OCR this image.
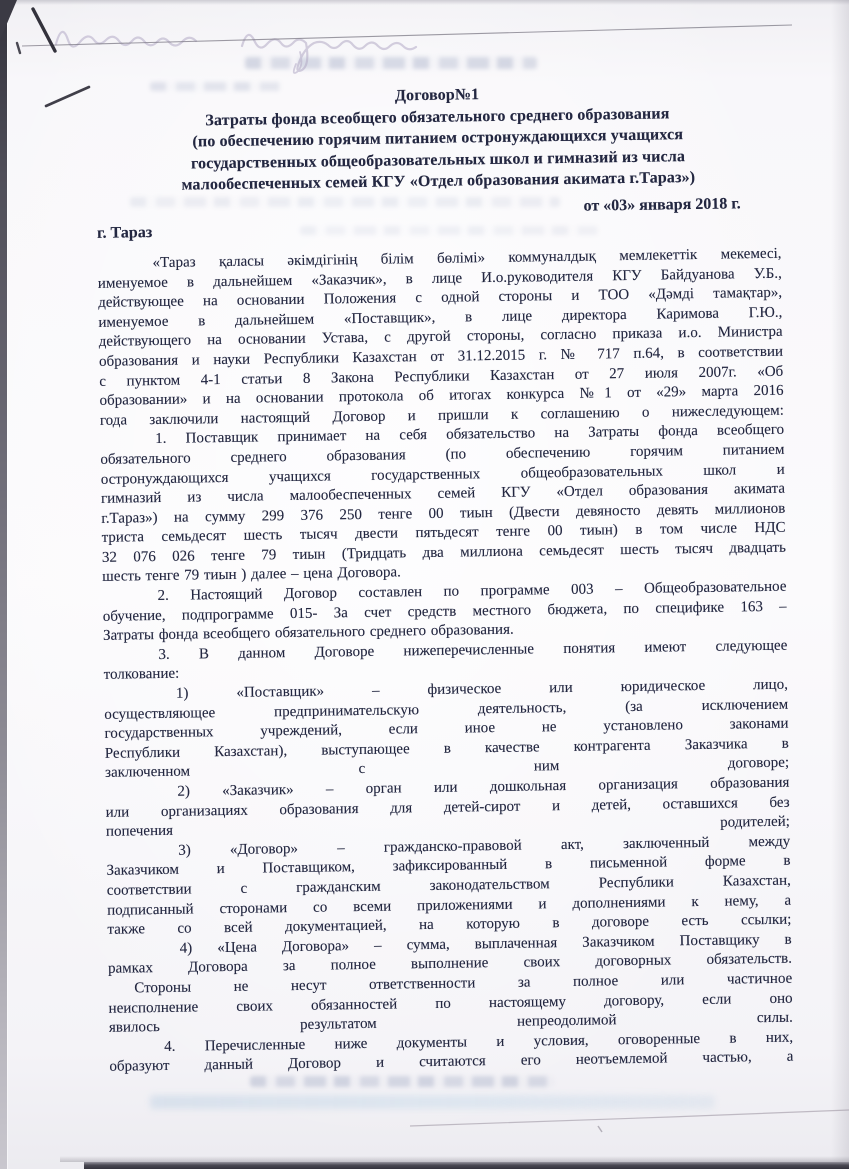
Договор№1
Затраты фонда всеобщего обязательного среднего образования
(по обеспечению горячим питанием остронуждающихся учащихся
государственных общеобразовательных школ и гимназий из числа
малообеспеченных семей КГУ «Отдел образования акимата г.Тараз»)
от «03» января 2018 г.
г. Тараз
«Тараз қаласы әкімдігінің білім бөлімі» коммуналдық мемлекеттік мекемесі,
именуемое в дальнейшем «Заказчик», в лице И.о.руководителя КГУ Байдуанова У.Б.,
действующее на основании Положения с одной стороны и ТОО «Дәмді тамақтар»,
именуемое в дальнейшем «Поставщик», в лице директора Каримова Г.Ю.,
действующего на основании Устава, с другой стороны, согласно приказа и.о. Министра
образования и науки Республики Казахстан от 31.12.2015 г. № 717 п.64, в соответствии
с пунктом 4-1 статьи 8 Закона Республики Казахстан от 27 июля 2007г. «Об
образовании» и на основании протокола об итогах конкурса №1 от «29» марта 2016
года заключили настоящий Договор и пришли к соглашению о нижеследующем:
1. Поставщик принимает на себя обязательство на Затраты фонда всеобщего
обязательного среднего образования (по обеспечению горячим питанием
остронуждающихся учащихся государственных общеобразовательных школ и
гимназий из числа малообеспеченных семей КГУ «Отдел образования акимата
г.Тараз») на сумму 299 376 250 тенге 00 тиын (Двести девяносто девять миллионов
триста семьдесят шесть тысяч двести пятьдесят тенге 00 тиын) в том числе НДС
32 076 026 тенге 79 тиын (Тридцать два миллиона семьдесят шесть тысяч двадцать
шесть тенге 79 тиын ) далее – цена Договора.
2. Настоящий Договор составлен по программе 003 – Общеобразовательное
обучение, подпрограмме 015- За счет средств местного бюджета, по специфике 163 –
Затраты фонда всеобщего обязательного среднего образования.
3. В данном Договоре нижеперечисленные понятия имеют следующее
толкование:
1) «Поставщик» – физическое или юридическое лицо,
осуществляющее предпринимательскую деятельность, (за исключением
государственных учреждений, если иное не установлено законами
Республики Казахстан), выступающее в качестве контрагента Заказчика в
заключенном с ним договоре;
2) «Заказчик» – орган или дошкольная организация образования
или организациях образования для детей-сирот и детей, оставшихся без
попечения родителей;
3) «Договор» – гражданско-правовой акт, заключенный между
Заказчиком и Поставщиком, зафиксированный в письменной форме в
соответствии с гражданским законодательством Республики Казахстан,
подписанный сторонами со всеми приложениями и дополнениями к нему, а
также со всей документацией, на которую в договоре есть ссылки;
4) «Цена Договора» – сумма, выплаченная Заказчиком Поставщику в
рамках Договора за полное выполнение своих договорных обязательств.
Стороны не несут ответственности за полное или частичное
неисполнение своих обязанностей по настоящему договору, если оно
явилось результатом непреодолимой силы.
4. Перечисленные ниже документы и условия, оговоренные в них,
образуют данный Договор и считаются его неотъемлемой частью, а
